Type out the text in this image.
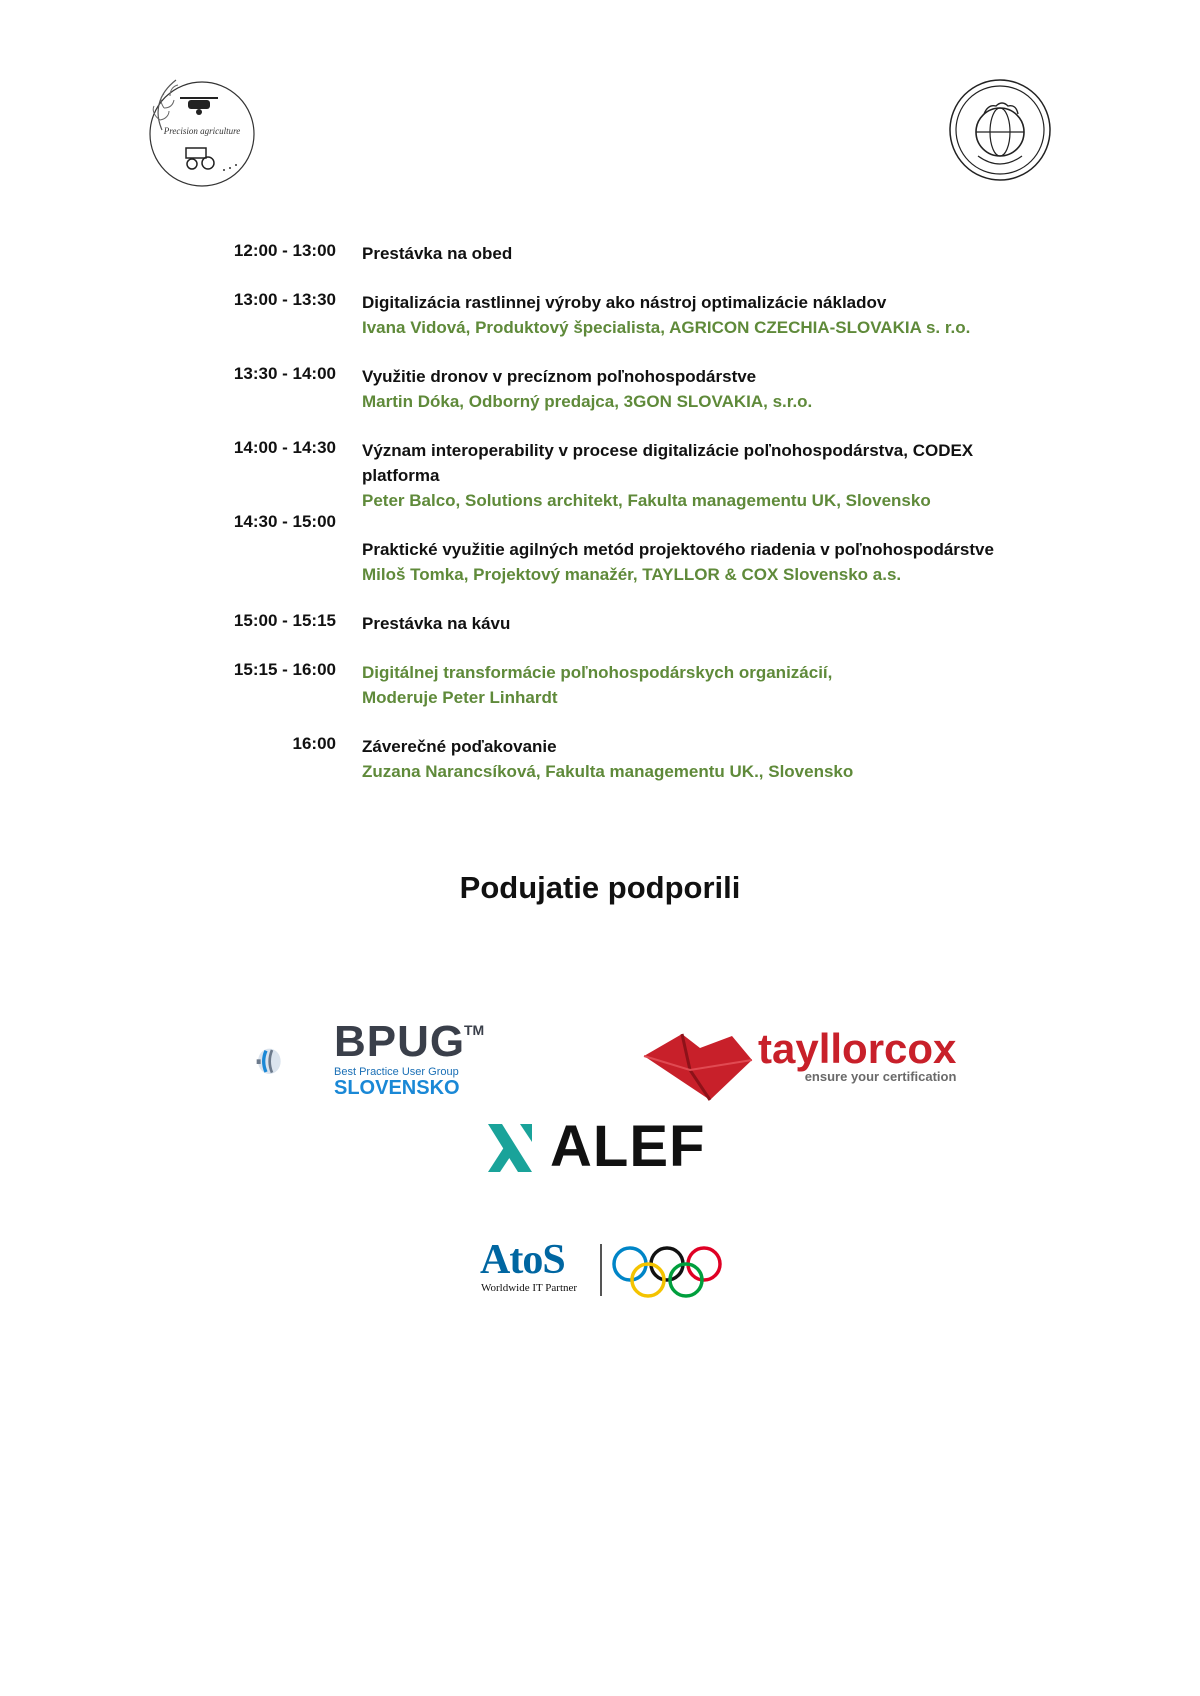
Precision agriculture
12:00 - 13:00 Prestávka na obed
13:00 - 13:30 Digitalizácia rastlinnej výroby ako nástroj optimalizácie nákladov
Ivana Vidová, Produktový špecialista, AGRICON CZECHIA-SLOVAKIA s. r.o.
13:30 - 14:00 Využitie dronov v precíznom poľnohospodárstve
Martin Dóka, Odborný predajca, 3GON SLOVAKIA, s.r.o.
14:00 - 14:30 Význam interoperability v procese digitalizácie poľnohospodárstva, CODEX
platforma
Peter Balco, Solutions architekt, Fakulta managementu UK, Slovensko
14:30 - 15:00
Praktické využitie agilných metód projektového riadenia v poľnohospodárstve
Miloš Tomka, Projektový manažér, TAYLLOR & COX Slovensko a.s.
15:00 - 15:15 Prestávka na kávu
15:15 - 16:00 Digitálnej transformácie poľnohospodárskych organizácií,
Moderuje Peter Linhardt
16:00 Záverečné poďakovanie
Zuzana Narancsíková, Fakulta managementu UK., Slovensko
Podujatie podporili
BPUG
TM
Best Practice User Group
SLOVENSKO
tayllorcox
ensure your certification
ALEF
AtoS
Worldwide IT Partner
